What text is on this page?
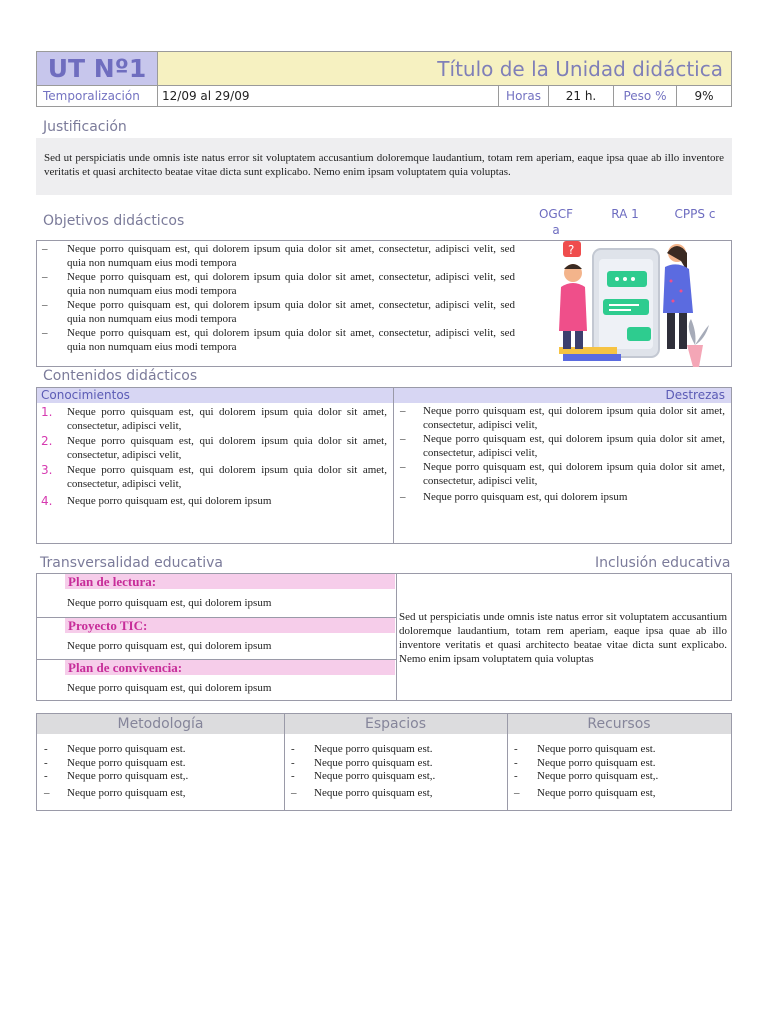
UT Nº1	Título de la Unidad didáctica
Temporalización	12/09 al 29/09	Horas	21 h.	Peso %	9%
Justificación
Sed ut perspiciatis unde omnis iste natus error sit voluptatem accusantium doloremque laudantium, totam rem aperiam, eaque ipsa quae ab illo inventore veritatis et quasi architecto beatae vitae dicta sunt explicabo. Nemo enim ipsam voluptatem quia voluptas.
Objetivos didácticos	OGCF a
RA 1	CPPS c
–	Neque porro quisquam est, qui dolorem ipsum quia dolor sit amet, consectetur, adipisci velit, sed quia non numquam eius modi tempora
–	Neque porro quisquam est, qui dolorem ipsum quia dolor sit amet, consectetur, adipisci velit, sed quia non numquam eius modi tempora
–	Neque porro quisquam est, qui dolorem ipsum quia dolor sit amet, consectetur, adipisci velit, sed quia non numquam eius modi tempora
–	Neque porro quisquam est, qui dolorem ipsum quia dolor sit amet, consectetur, adipisci velit, sed quia non numquam eius modi tempora
?
Contenidos didácticos
Conocimientos	Destrezas
1.	Neque porro quisquam est, qui dolorem ipsum quia dolor sit amet, consectetur, adipisci velit,
2.	Neque porro quisquam est, qui dolorem ipsum quia dolor sit amet, consectetur, adipisci velit,
3.	Neque porro quisquam est, qui dolorem ipsum quia dolor sit amet, consectetur, adipisci velit,
4.	Neque porro quisquam est, qui dolorem ipsum
–	Neque porro quisquam est, qui dolorem ipsum quia dolor sit amet, consectetur, adipisci velit,
–	Neque porro quisquam est, qui dolorem ipsum quia dolor sit amet, consectetur, adipisci velit,
–	Neque porro quisquam est, qui dolorem ipsum quia dolor sit amet, consectetur, adipisci velit,
–	Neque porro quisquam est, qui dolorem ipsum
Transversalidad educativa	Inclusión educativa
Plan de lectura:
Neque porro quisquam est, qui dolorem ipsum
Proyecto TIC:
Neque porro quisquam est, qui dolorem ipsum
Plan de convivencia:
Neque porro quisquam est, qui dolorem ipsum
Sed ut perspiciatis unde omnis iste natus error sit voluptatem accusantium doloremque laudantium, totam rem aperiam, eaque ipsa quae ab illo inventore veritatis et quasi architecto beatae vitae dicta sunt explicabo. Nemo enim ipsam voluptatem quia voluptas
Metodología
-	Neque porro quisquam est.
-	Neque porro quisquam est.
-	Neque porro quisquam est,.
–	Neque porro quisquam est,
Espacios
-	Neque porro quisquam est.
-	Neque porro quisquam est.
-	Neque porro quisquam est,.
–	Neque porro quisquam est,
Recursos
-	Neque porro quisquam est.
-	Neque porro quisquam est.
-	Neque porro quisquam est,.
–	Neque porro quisquam est,
